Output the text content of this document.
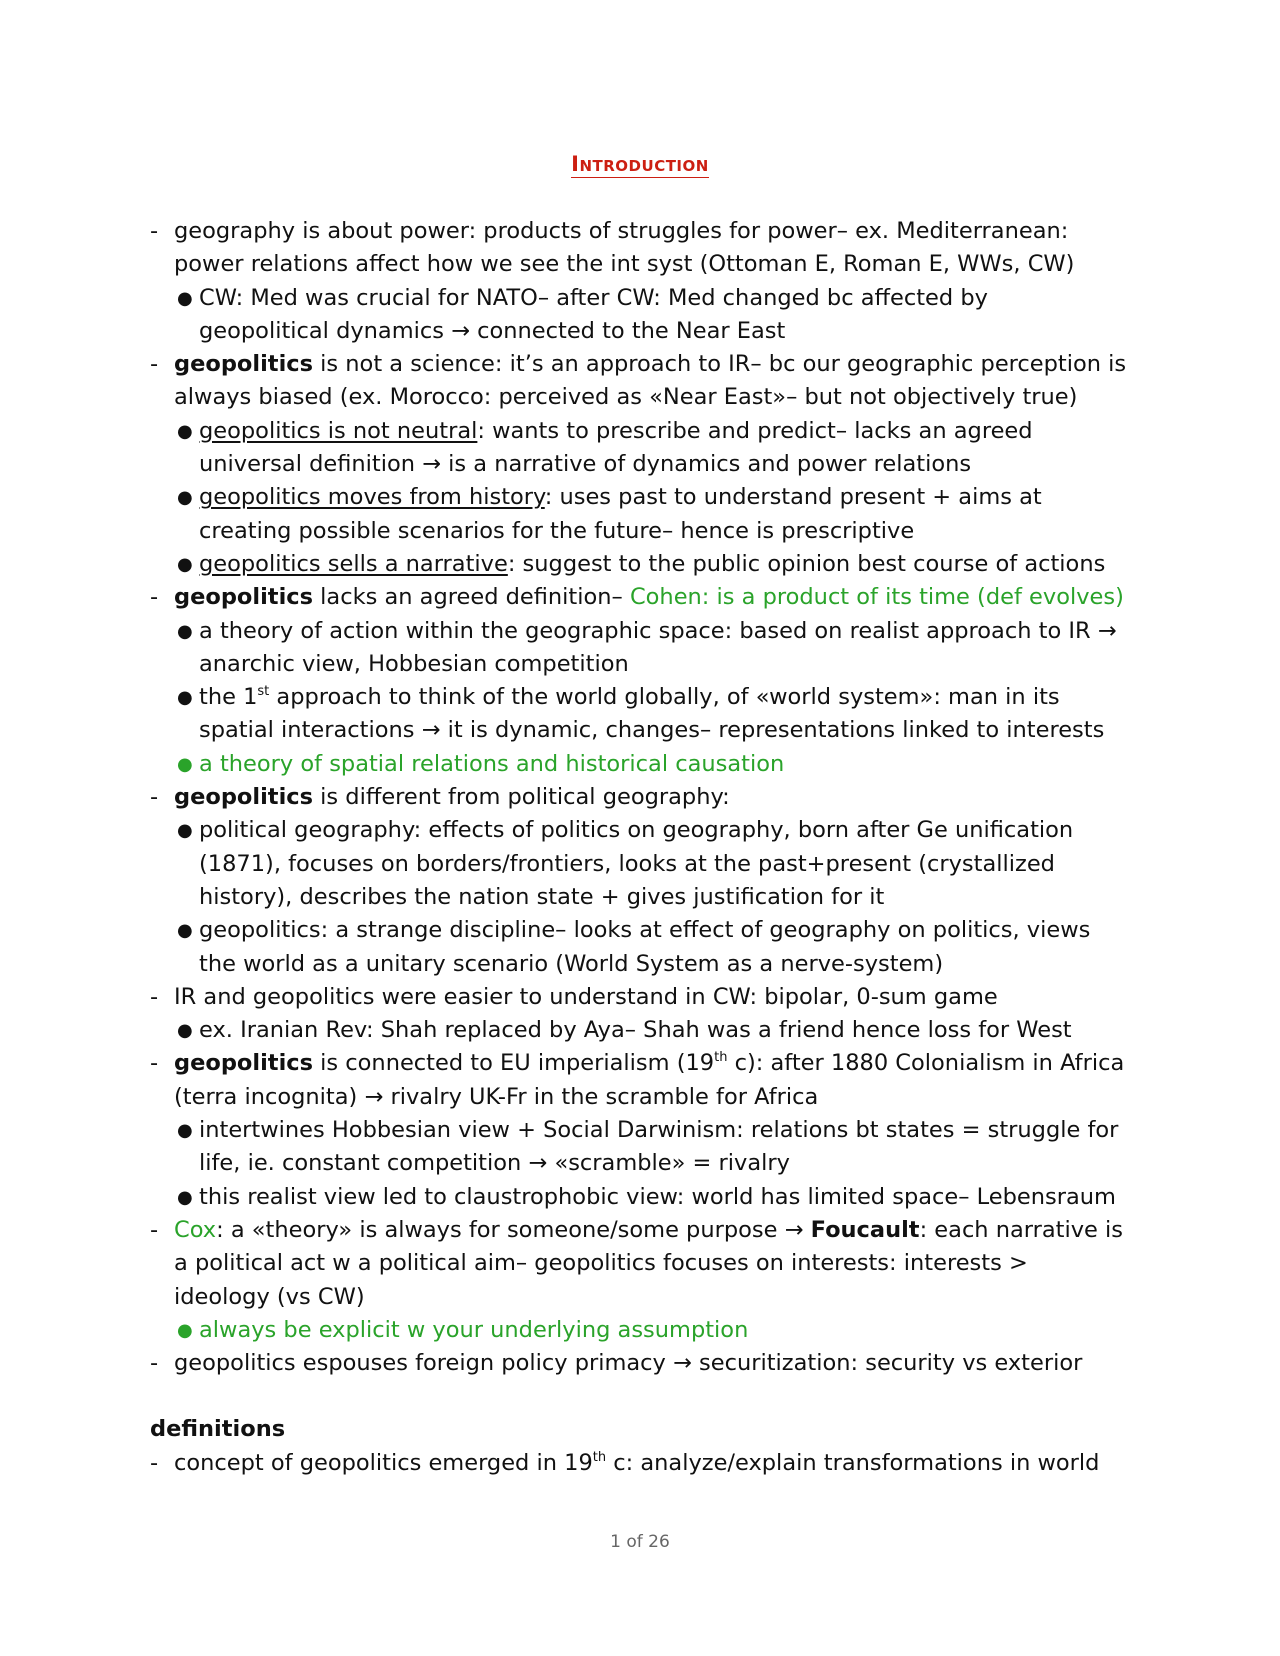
Introduction
- geography is about power: products of struggles for power– ex. Mediterranean:
power relations affect how we see the int syst (Ottoman E, Roman E, WWs, CW)
● CW: Med was crucial for NATO– after CW: Med changed bc affected by
geopolitical dynamics → connected to the Near East
- geopolitics is not a science: it’s an approach to IR– bc our geographic perception is
always biased (ex. Morocco: perceived as «Near East»– but not objectively true)
● geopolitics is not neutral: wants to prescribe and predict– lacks an agreed
universal definition → is a narrative of dynamics and power relations
● geopolitics moves from history: uses past to understand present + aims at
creating possible scenarios for the future– hence is prescriptive
● geopolitics sells a narrative: suggest to the public opinion best course of actions
- geopolitics lacks an agreed definition– Cohen: is a product of its time (def evolves)
● a theory of action within the geographic space: based on realist approach to IR →
anarchic view, Hobbesian competition
● the 1st approach to think of the world globally, of «world system»: man in its
spatial interactions → it is dynamic, changes– representations linked to interests
● a theory of spatial relations and historical causation
- geopolitics is different from political geography:
● political geography: effects of politics on geography, born after Ge unification
(1871), focuses on borders/frontiers, looks at the past+present (crystallized
history), describes the nation state + gives justification for it
● geopolitics: a strange discipline– looks at effect of geography on politics, views
the world as a unitary scenario (World System as a nerve-system)
- IR and geopolitics were easier to understand in CW: bipolar, 0-sum game
● ex. Iranian Rev: Shah replaced by Aya– Shah was a friend hence loss for West
- geopolitics is connected to EU imperialism (19th c): after 1880 Colonialism in Africa
(terra incognita) → rivalry UK-Fr in the scramble for Africa
● intertwines Hobbesian view + Social Darwinism: relations bt states = struggle for
life, ie. constant competition → «scramble» = rivalry
● this realist view led to claustrophobic view: world has limited space– Lebensraum
- Cox: a «theory» is always for someone/some purpose → Foucault: each narrative is
a political act w a political aim– geopolitics focuses on interests: interests >
ideology (vs CW)
● always be explicit w your underlying assumption
- geopolitics espouses foreign policy primacy → securitization: security vs exterior
definitions
- concept of geopolitics emerged in 19th c: analyze/explain transformations in world
1 of 26
